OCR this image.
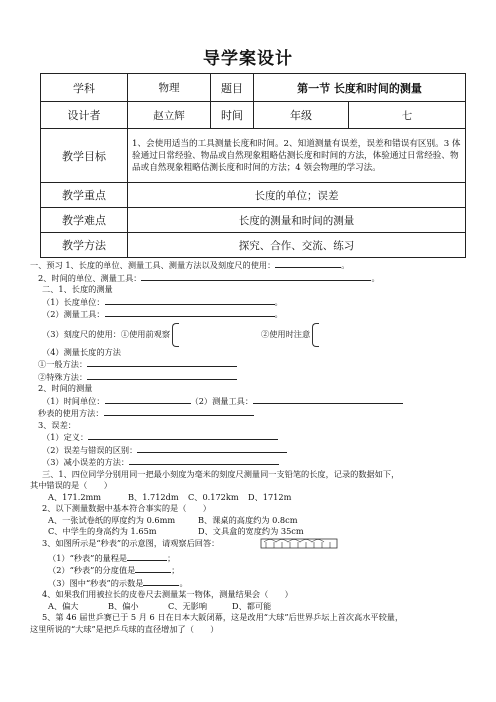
导学案设计
学科	物理	题目	第一节 长度和时间的测量	
设计者	赵立辉	时间	年级	七
教学目标	1、会使用适当的工具测量长度和时间。2、知道测量有误差，误差和错误有区别。3 体验通过日常经验、物品或自然现象粗略估测长度和时间的方法，体验通过日常经验、物品或自然现象粗略估测长度和时间的方法；4 领会物理的学习法。			
教学重点	长度的单位；误差			
教学难点	长度的测量和时间的测量			
教学方法	探究、合作、交流、练习			
一、预习 1、长度的单位、测量工具、测量方法以及刻度尺的使用：	。
2、时间的单位、测量工具：	。
二、1、长度的测量
（1）长度单位：	。
（2）测量工具：	。
（3）刻度尺的使用：①使用前观察	②使用时注意
（4）测量长度的方法
①一般方法：
②特殊方法：
2、时间的测量
（1）时间单位：	（2）测量工具：
秒表的使用方法：
3、误差：
（1）定义：
（2）误差与错误的区别：
（3）减小误差的方法：
三、1、四位同学分别用同一把最小刻度为毫米的刻度尺测量同一支铅笔的长度，记录的数据如下，
其中错误的是（　　）
A、171.2mm	B、1.712dm C、0.172km D、1712m
2、以下测量数据中基本符合事实的是（　　）
A、一张试卷纸的厚度约为 0.6mm	B、课桌的高度约为 0.8cm
C、中学生的身高约为 1.65m	D、文具盒的宽度约为 35cm
3、如图所示是“秒表”的示意图，请观察后回答：
（1）“秒表”的量程是	；
（2）“秒表”的分度值是	；
（3）图中“秒表”的示数是	。
4、如果我们用被拉长的皮卷尺去测量某一物体，测量结果会（　　）
A、偏大	B、偏小	C、无影响	D、都可能
5、第 46 届世乒赛已于 5 月 6 日在日本大阪闭幕，这是改用“大球”后世界乒坛上首次高水平较量，
这里所说的“大球”是把乒乓球的直径增加了（　　）
